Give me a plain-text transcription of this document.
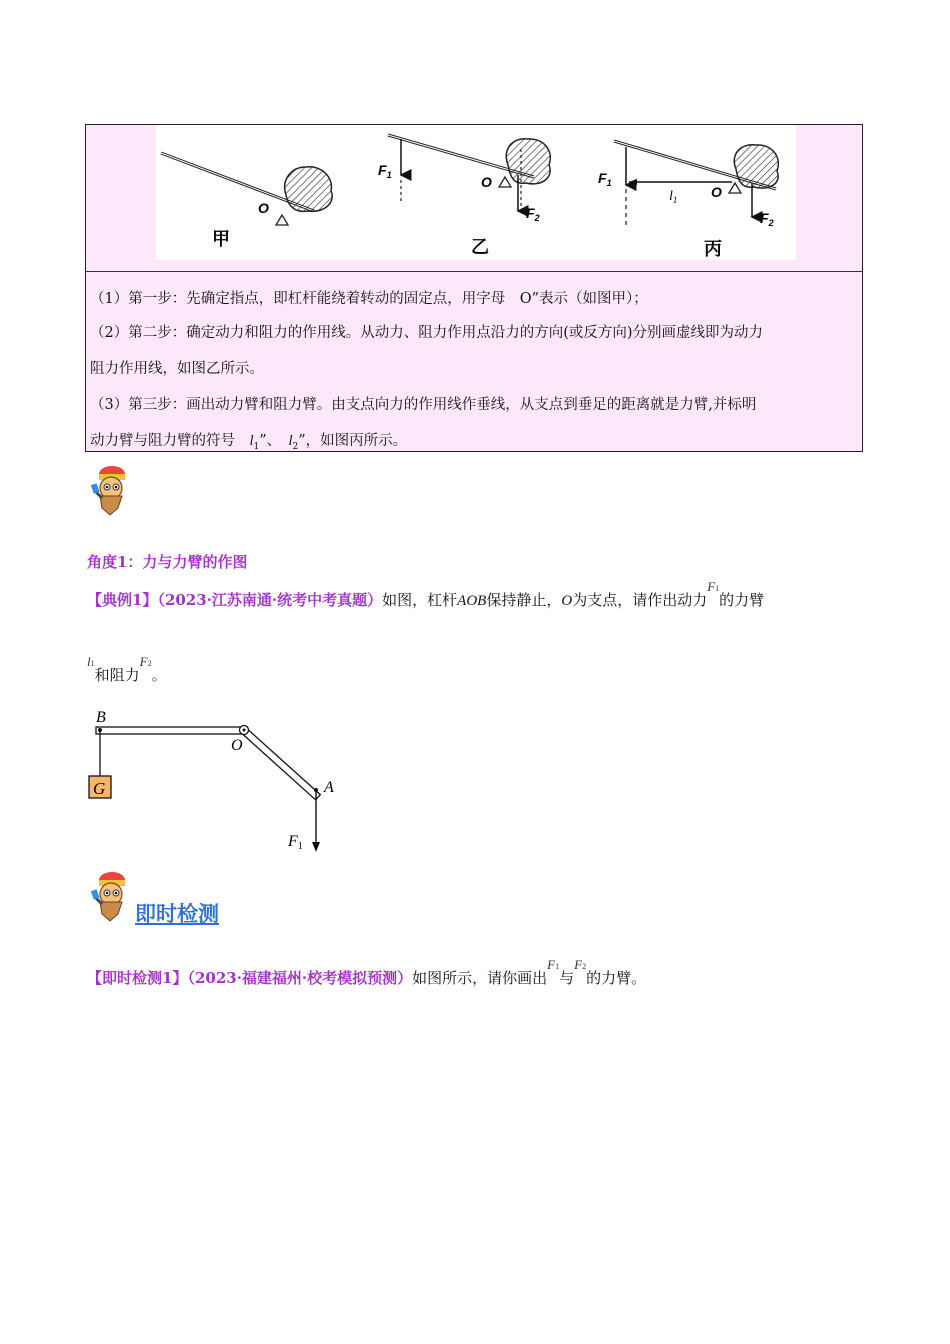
O
甲
O
$F_1$
$F_2$
乙
O
$l_1$
$F_1$
$F_2$
丙
（1）第一步：先确定指点，即杠杆能绕着转动的固定点，用字母　O”表示（如图甲）；
（2）第二步：确定动力和阻力的作用线。从动力、阻力作用点沿力的方向(或反方向)分别画虚线即为动力
阻力作用线，如图乙所示。
（3）第三步：画出动力臂和阻力臂。由支点向力的作用线作垂线，从支点到垂足的距离就是力臂,并标明
动力臂与阻力臂的符号　$l_1$”、　$l_2$”，如图丙所示。
角度1：力与力臂的作图
【典例1】（2023·江苏南通·统考中考真题）如图，杠杆AOB保持静止，O为支点，请作出动力F1的力臂
l1和阻力F2。
G
B
O
A
F1
即时检测
【即时检测1】（2023·福建福州·校考模拟预测）如图所示，请你画出F1与F2的力臂。
